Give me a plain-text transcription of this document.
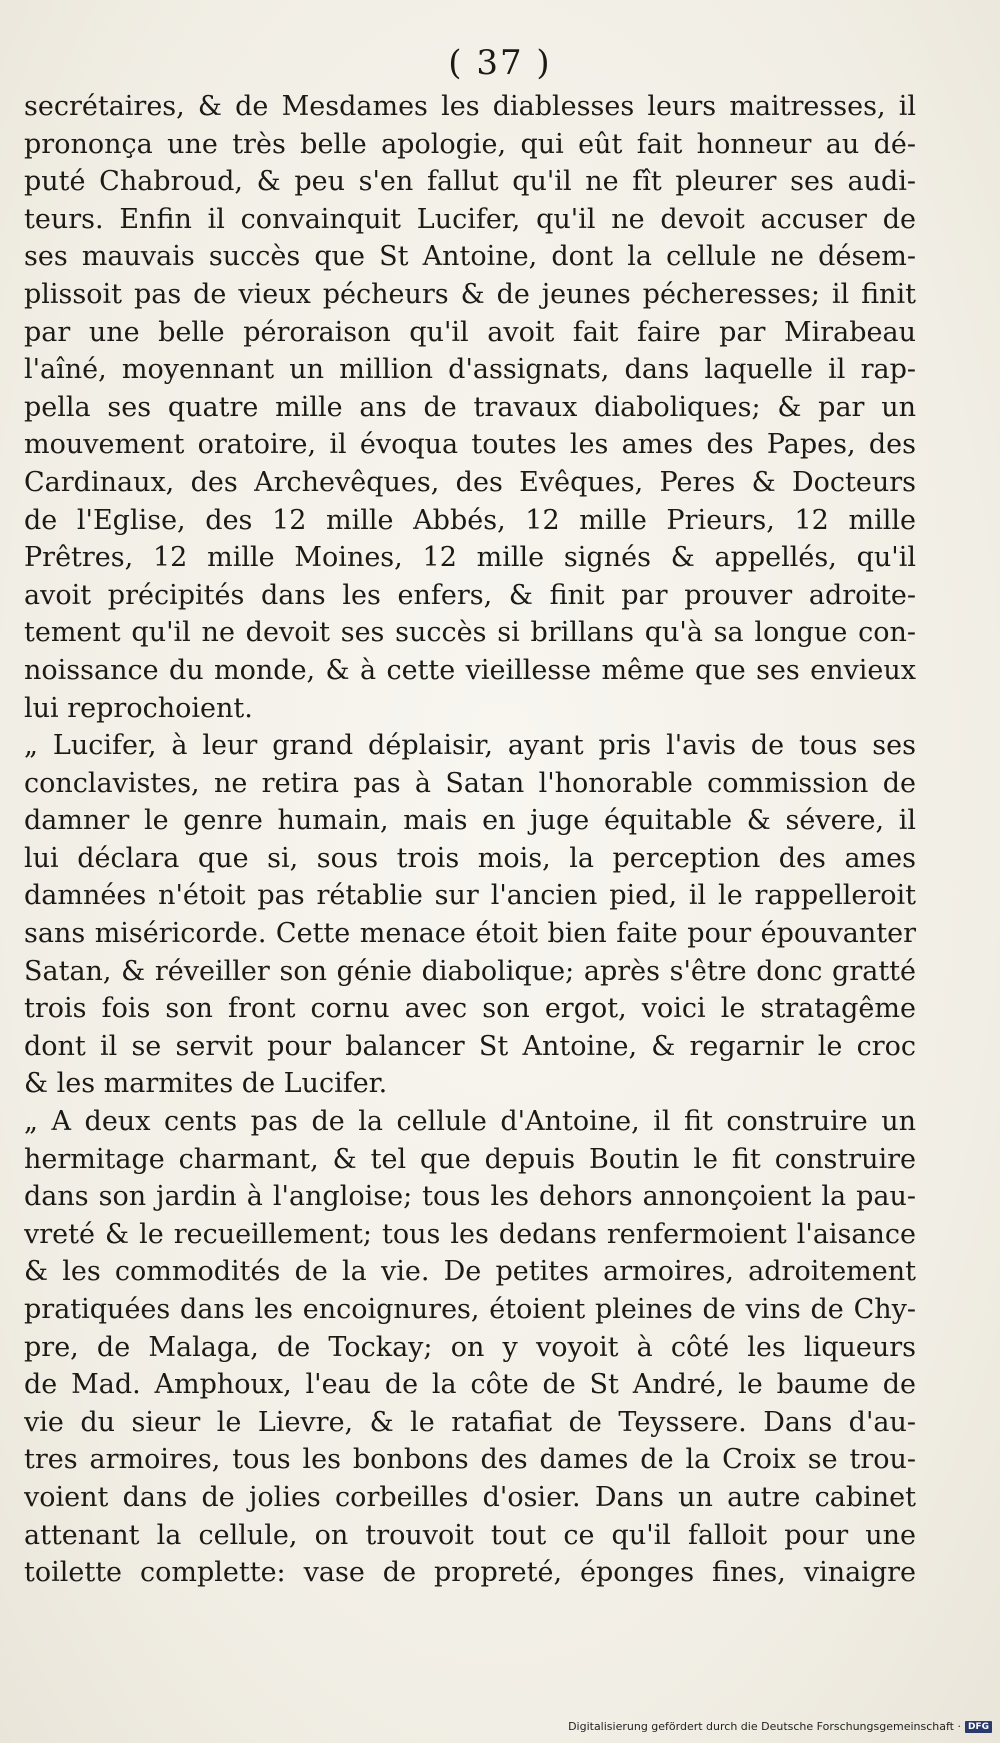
( 37 )
secrétaires, & de Mesdames les diablesses leurs maitresses, il
prononça une très belle apologie, qui eût fait honneur au dé-
puté Chabroud, & peu s'en fallut qu'il ne fît pleurer ses audi-
teurs. Enfin il convainquit Lucifer, qu'il ne devoit accuser de
ses mauvais succès que St Antoine, dont la cellule ne désem-
plissoit pas de vieux pécheurs & de jeunes pécheresses; il finit
par une belle péroraison qu'il avoit fait faire par Mirabeau
l'aîné, moyennant un million d'assignats, dans laquelle il rap-
pella ses quatre mille ans de travaux diaboliques; & par un
mouvement oratoire, il évoqua toutes les ames des Papes, des
Cardinaux, des Archevêques, des Evêques, Peres & Docteurs
de l'Eglise, des 12 mille Abbés, 12 mille Prieurs, 12 mille
Prêtres, 12 mille Moines, 12 mille signés & appellés, qu'il
avoit précipités dans les enfers, & finit par prouver adroite-
tement qu'il ne devoit ses succès si brillans qu'à sa longue con-
noissance du monde, & à cette vieillesse même que ses envieux
lui reprochoient.
„ Lucifer, à leur grand déplaisir, ayant pris l'avis de tous ses
conclavistes, ne retira pas à Satan l'honorable commission de
damner le genre humain, mais en juge équitable & sévere, il
lui déclara que si, sous trois mois, la perception des ames
damnées n'étoit pas rétablie sur l'ancien pied, il le rappelleroit
sans miséricorde. Cette menace étoit bien faite pour épouvanter
Satan, & réveiller son génie diabolique; après s'être donc gratté
trois fois son front cornu avec son ergot, voici le stratagême
dont il se servit pour balancer St Antoine, & regarnir le croc
& les marmites de Lucifer.
„ A deux cents pas de la cellule d'Antoine, il fit construire un
hermitage charmant, & tel que depuis Boutin le fit construire
dans son jardin à l'angloise; tous les dehors annonçoient la pau-
vreté & le recueillement; tous les dedans renfermoient l'aisance
& les commodités de la vie. De petites armoires, adroitement
pratiquées dans les encoignures, étoient pleines de vins de Chy-
pre, de Malaga, de Tockay; on y voyoit à côté les liqueurs
de Mad. Amphoux, l'eau de la côte de St André, le baume de
vie du sieur le Lievre, & le ratafiat de Teyssere. Dans d'au-
tres armoires, tous les bonbons des dames de la Croix se trou-
voient dans de jolies corbeilles d'osier. Dans un autre cabinet
attenant la cellule, on trouvoit tout ce qu'il falloit pour une
toilette complette: vase de propreté, éponges fines, vinaigre
Digitalisierung gefördert durch die Deutsche Forschungsgemeinschaft · DFG
